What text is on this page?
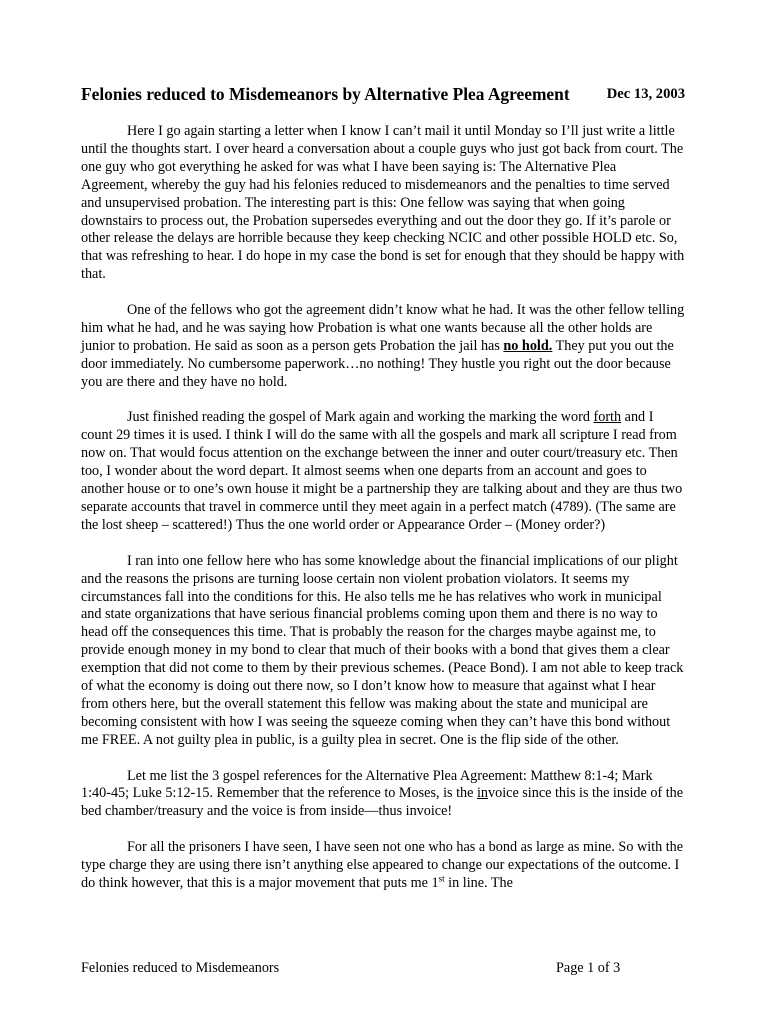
Felonies reduced to Misdemeanors by Alternative Plea Agreement	Dec 13, 2003

Here I go again starting a letter when I know I can’t mail it until Monday so I’ll just write a little until the thoughts start. I over heard a conversation about a couple guys who just got back from court. The one guy who got everything he asked for was what I have been saying is: The Alternative Plea Agreement, whereby the guy had his felonies reduced to misdemeanors and the penalties to time served and unsupervised probation. The interesting part is this: One fellow was saying that when going downstairs to process out, the Probation supersedes everything and out the door they go. If it’s parole or other release the delays are horrible because they keep checking NCIC and other possible HOLD etc. So, that was refreshing to hear. I do hope in my case the bond is set for enough that they should be happy with that.

One of the fellows who got the agreement didn’t know what he had. It was the other fellow telling him what he had, and he was saying how Probation is what one wants because all the other holds are junior to probation. He said as soon as a person gets Probation the jail has no hold. They put you out the door immediately. No cumbersome paperwork…no nothing! They hustle you right out the door because you are there and they have no hold.

Just finished reading the gospel of Mark again and working the marking the word forth and I count 29 times it is used. I think I will do the same with all the gospels and mark all scripture I read from now on. That would focus attention on the exchange between the inner and outer court/treasury etc. Then too, I wonder about the word depart. It almost seems when one departs from an account and goes to another house or to one’s own house it might be a partnership they are talking about and they are thus two separate accounts that travel in commerce until they meet again in a perfect match (4789). (The same are the lost sheep – scattered!) Thus the one world order or Appearance Order – (Money order?)

I ran into one fellow here who has some knowledge about the financial implications of our plight and the reasons the prisons are turning loose certain non violent probation violators. It seems my circumstances fall into the conditions for this. He also tells me he has relatives who work in municipal and state organizations that have serious financial problems coming upon them and there is no way to head off the consequences this time. That is probably the reason for the charges maybe against me, to provide enough money in my bond to clear that much of their books with a bond that gives them a clear exemption that did not come to them by their previous schemes. (Peace Bond). I am not able to keep track of what the economy is doing out there now, so I don’t know how to measure that against what I hear from others here, but the overall statement this fellow was making about the state and municipal are becoming consistent with how I was seeing the squeeze coming when they can’t have this bond without me FREE. A not guilty plea in public, is a guilty plea in secret. One is the flip side of the other.

Let me list the 3 gospel references for the Alternative Plea Agreement: Matthew 8:1-4; Mark 1:40-45; Luke 5:12-15. Remember that the reference to Moses, is the invoice since this is the inside of the bed chamber/treasury and the voice is from inside—thus invoice!

For all the prisoners I have seen, I have seen not one who has a bond as large as mine. So with the type charge they are using there isn’t anything else appeared to change our expectations of the outcome. I do think however, that this is a major movement that puts me 1st in line. The

Felonies reduced to Misdemeanors	Page 1 of 3
